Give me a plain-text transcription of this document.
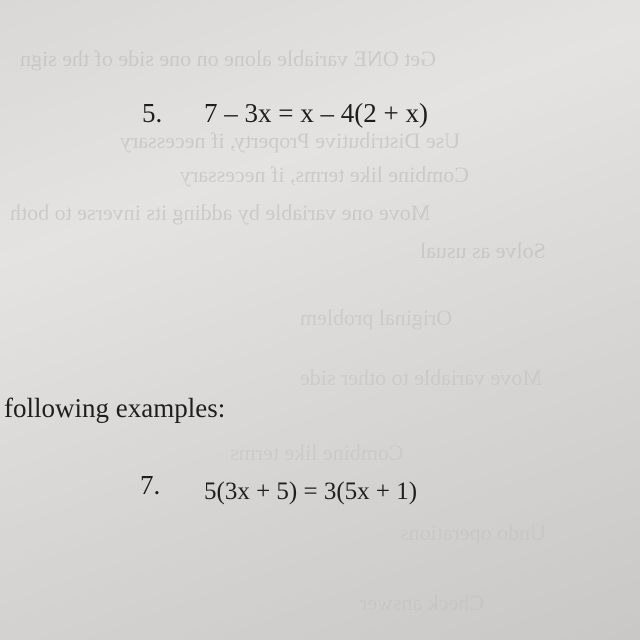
Get ONE variable alone on one side of the sign
Use Distributive Property, if necessary
Combine like terms, if necessary
Move one variable by adding its inverse to both
Solve as usual
Original problem
Move variable to other side
Combine like terms
Undo operations
Check answer
5. 7 – 3x = x – 4(2 + x)
following examples:
7. 5(3x + 5) = 3(5x + 1)
